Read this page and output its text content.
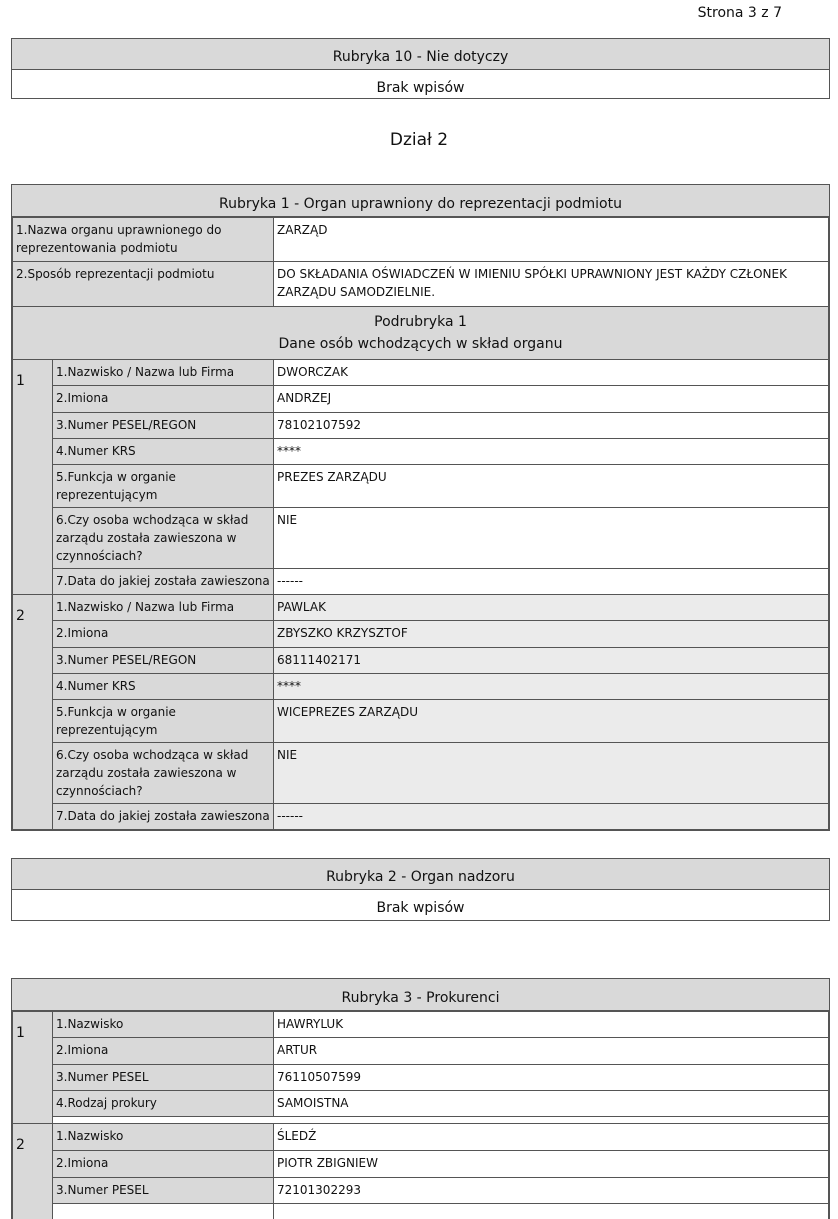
Strona 3 z 7
Rubryka 10 - Nie dotyczy
Brak wpisów
Dział 2
Rubryka 1 - Organ uprawniony do reprezentacji podmiotu
1.Nazwa organu uprawnionego do reprezentowania podmiotu		ZARZĄD
2.Sposób reprezentacji podmiotu		DO SKŁADANIA OŚWIADCZEŃ W IMIENIU SPÓŁKI UPRAWNIONY JEST KAŻDY CZŁONEK ZARZĄDU SAMODZIELNIE.

Podrubryka 1
Dane osób wchodzących w skład organu		

1	1.Nazwisko / Nazwa lub Firma	DWORCZAK
	2.Imiona	ANDRZEJ
	3.Numer PESEL/REGON	78102107592
	4.Numer KRS	****
	5.Funkcja w organie reprezentującym	PREZES ZARZĄDU
	6.Czy osoba wchodząca w skład zarządu została zawieszona w czynnościach?	NIE
	7.Data do jakiej została zawieszona	------
2	1.Nazwisko / Nazwa lub Firma	PAWLAK
	2.Imiona	ZBYSZKO KRZYSZTOF
	3.Numer PESEL/REGON	68111402171
	4.Numer KRS	****
	5.Funkcja w organie reprezentującym	WICEPREZES ZARZĄDU
	6.Czy osoba wchodząca w skład zarządu została zawieszona w czynnościach?	NIE
	7.Data do jakiej została zawieszona	------
Rubryka 2 - Organ nadzoru
Brak wpisów
Rubryka 3 - Prokurenci
1	1.Nazwisko	HAWRYLUK
	2.Imiona	ARTUR
	3.Numer PESEL	76110507599
	4.Rodzaj prokury	SAMOISTNA

2	1.Nazwisko	ŚLEDŹ
	2.Imiona	PIOTR ZBIGNIEW
	3.Numer PESEL	72101302293
